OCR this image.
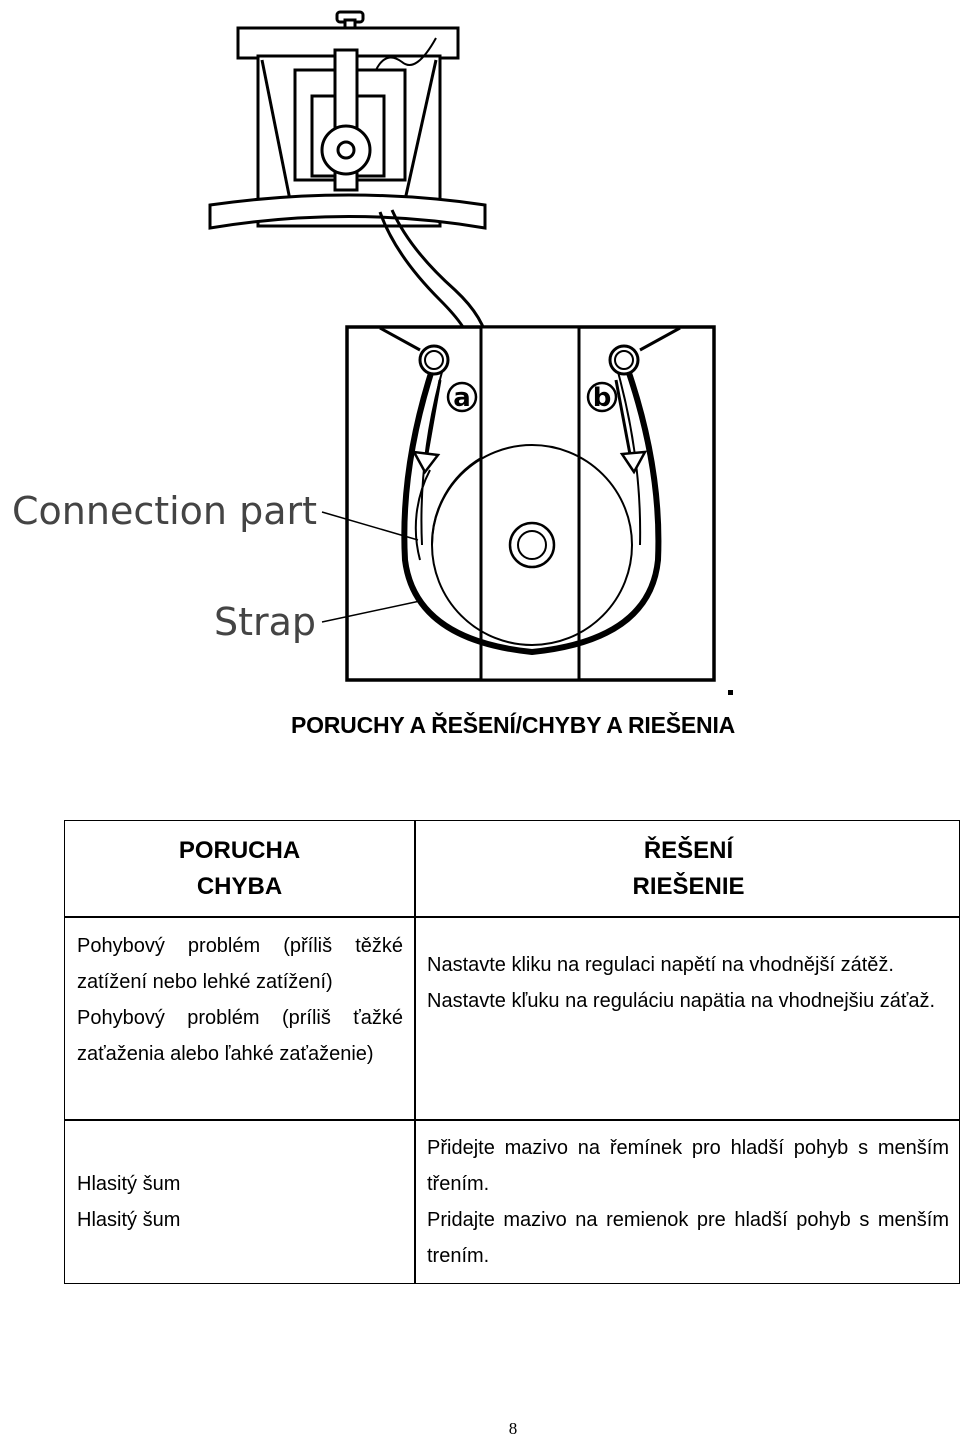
a	b
Connection part
Strap
PORUCHY A ŘEŠENÍ/CHYBY A RIEŠENIA
PORUCHA
CHYBA
ŘEŠENÍ
RIEŠENIE
Pohybový problém (příliš těžké zatížení nebo lehké zatížení)
Pohybový problém (príliš ťažké zaťaženia alebo ľahké zaťaženie)
Nastavte kliku na regulaci napětí na vhodnější zátěž.
Nastavte kľuku na reguláciu napätia na vhodnejšiu záťaž.
Hlasitý šum
Hlasitý šum
Přidejte mazivo na řemínek pro hladší pohyb s menším třením.
Pridajte mazivo na remienok pre hladší pohyb s menším trením.
8
